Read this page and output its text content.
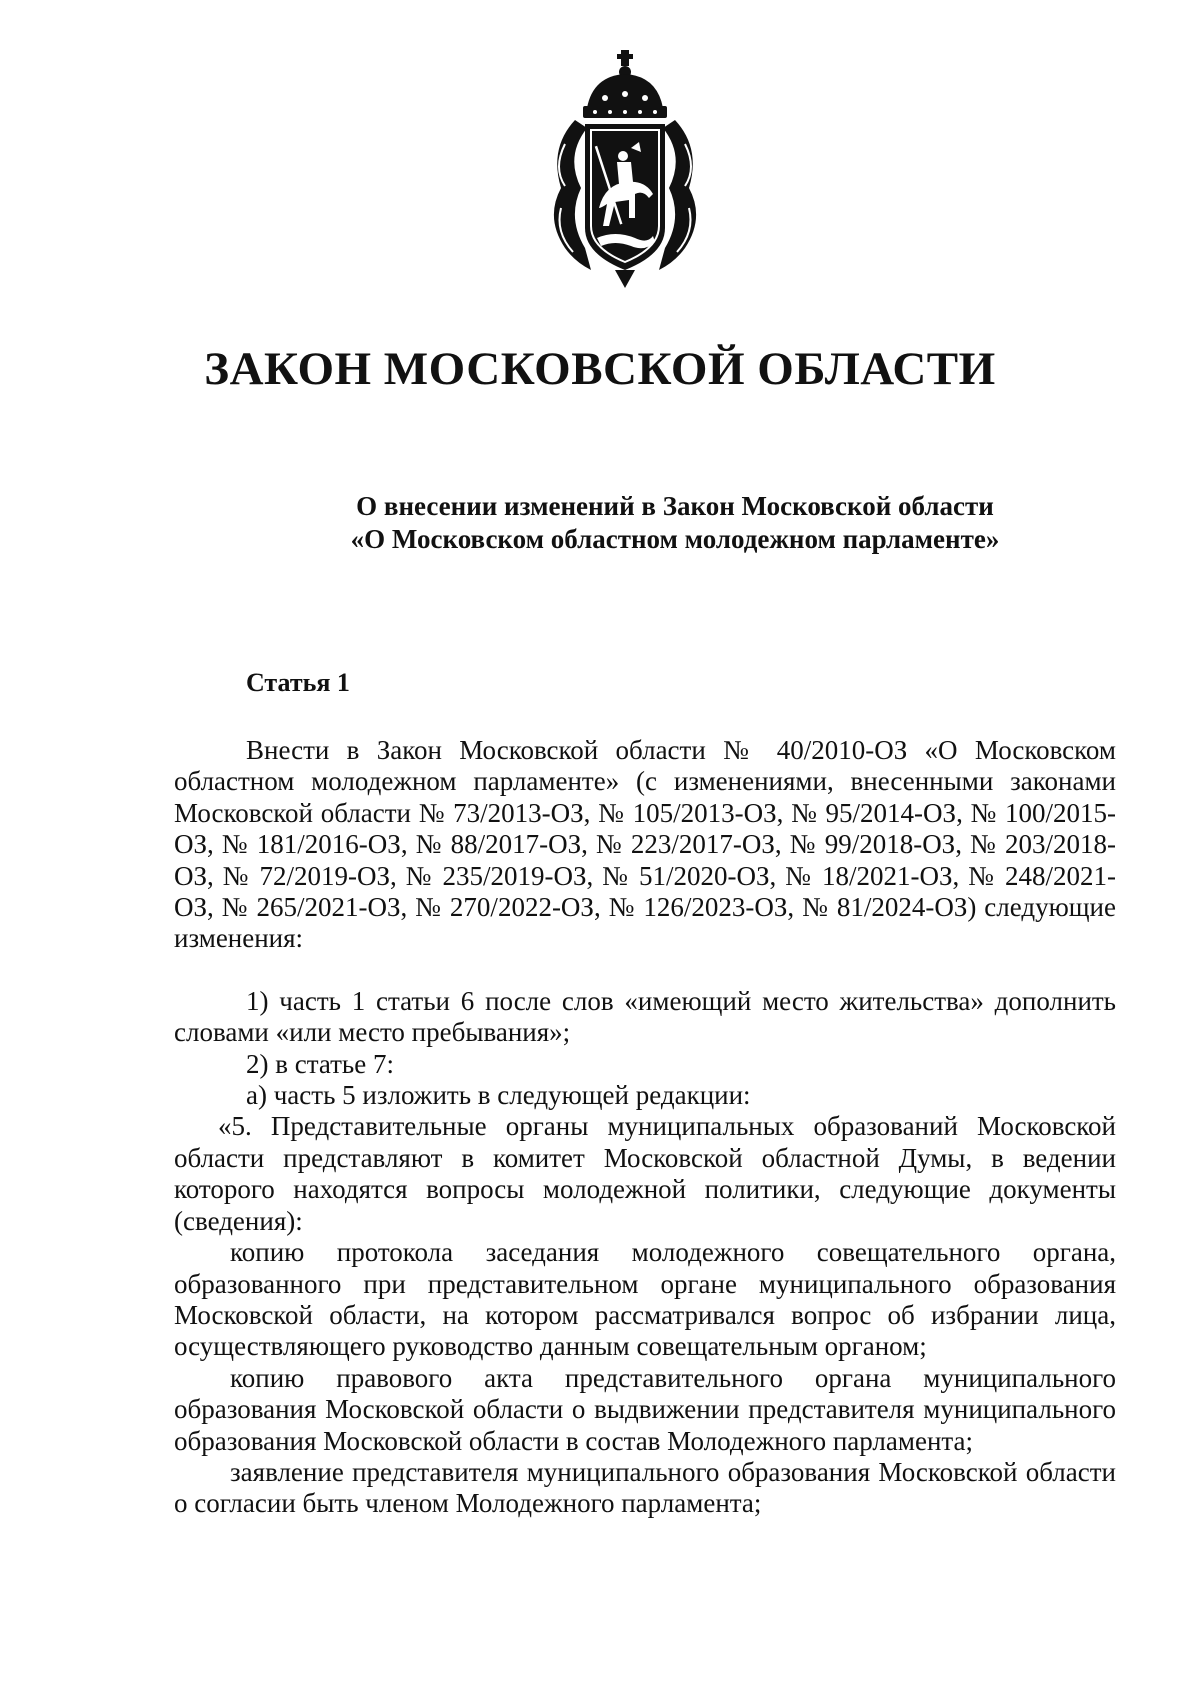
ЗАКОН МОСКОВСКОЙ ОБЛАСТИ
О внесении изменений в Закон Московской области
«О Московском областном молодежном парламенте»
Статья 1

Внести в Закон Московской области № 40/2010-ОЗ «О Московском областном молодежном парламенте» (с изменениями, внесенными законами Московской области № 73/2013-ОЗ, № 105/2013-ОЗ, № 95/2014-ОЗ, № 100/2015-ОЗ, № 181/2016-ОЗ, № 88/2017-ОЗ, № 223/2017-ОЗ, № 99/2018-ОЗ, № 203/2018-ОЗ, № 72/2019-ОЗ, № 235/2019-ОЗ, № 51/2020-ОЗ, № 18/2021-ОЗ, № 248/2021-ОЗ, № 265/2021-ОЗ, № 270/2022-ОЗ, № 126/2023-ОЗ, № 81/2024-ОЗ) следующие изменения:

1) часть 1 статьи 6 после слов «имеющий место жительства» дополнить словами «или место пребывания»;

2) в статье 7:

а) часть 5 изложить в следующей редакции:

«5. Представительные органы муниципальных образований Московской области представляют в комитет Московской областной Думы, в ведении которого находятся вопросы молодежной политики, следующие документы (сведения):

копию протокола заседания молодежного совещательного органа, образованного при представительном органе муниципального образования Московской области, на котором рассматривался вопрос об избрании лица, осуществляющего руководство данным совещательным органом;

копию правового акта представительного органа муниципального образования Московской области о выдвижении представителя муниципального образования Московской области в состав Молодежного парламента;

заявление представителя муниципального образования Московской области о согласии быть членом Молодежного парламента;
